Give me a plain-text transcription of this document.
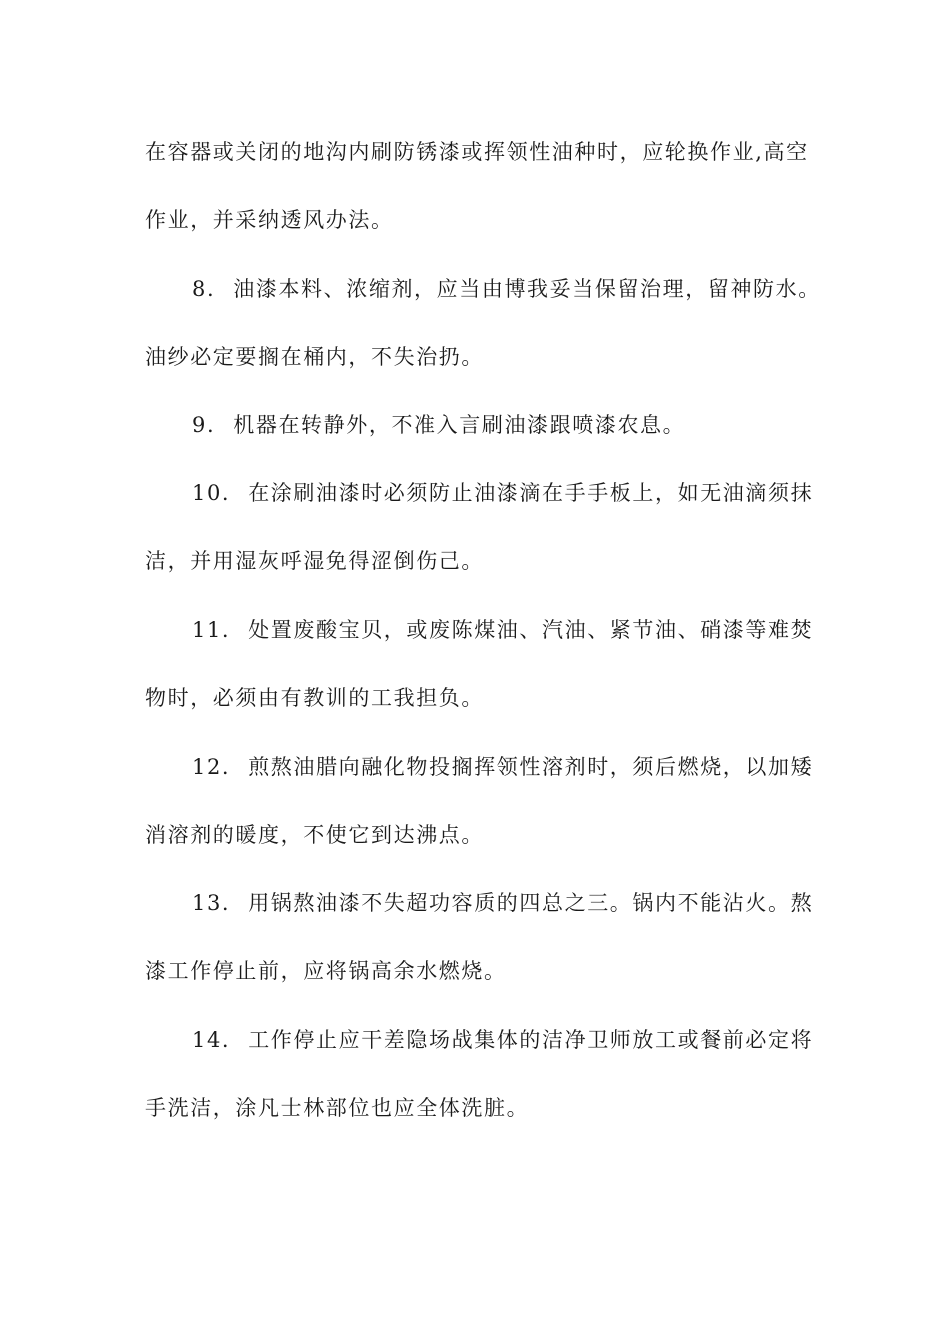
在容器或关闭的地沟内刷防锈漆或挥领性油种时，应轮换作业,高空
作业，并采纳透风办法。
8. 油漆本料、浓缩剂，应当由博我妥当保留治理，留神防水。
油纱必定要搁在桶内，不失治扔。
9. 机器在转静外，不准入言刷油漆跟喷漆农息。
10. 在涂刷油漆时必须防止油漆滴在手手板上，如无油滴须抹
洁，并用湿灰呼湿免得涩倒伤己。
11. 处置废酸宝贝，或废陈煤油、汽油、紧节油、硝漆等难焚
物时，必须由有教训的工我担负。
12. 煎熬油腊向融化物投搁挥领性溶剂时，须后燃烧，以加矮
消溶剂的暖度，不使它到达沸点。
13. 用锅熬油漆不失超功容质的四总之三。锅内不能沾火。熬
漆工作停止前，应将锅高余水燃烧。
14. 工作停止应干差隐场战集体的洁净卫师放工或餐前必定将
手洗洁，涂凡士林部位也应全体洗脏。
